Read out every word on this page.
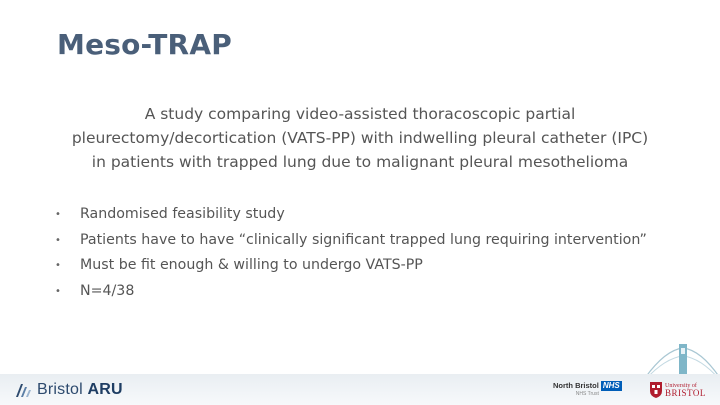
Meso-TRAP
A study comparing video-assisted thoracoscopic partial
pleurectomy/decortication (VATS-PP) with indwelling pleural catheter (IPC)
in patients with trapped lung due to malignant pleural mesothelioma
• Randomised feasibility study
• Patients have to have “clinically significant trapped lung requiring intervention”
• Must be fit enough & willing to undergo VATS-PP
• N=4/38
Bristol ARU	North Bristol
NHS Trust
NHS	University of
BRISTOL
